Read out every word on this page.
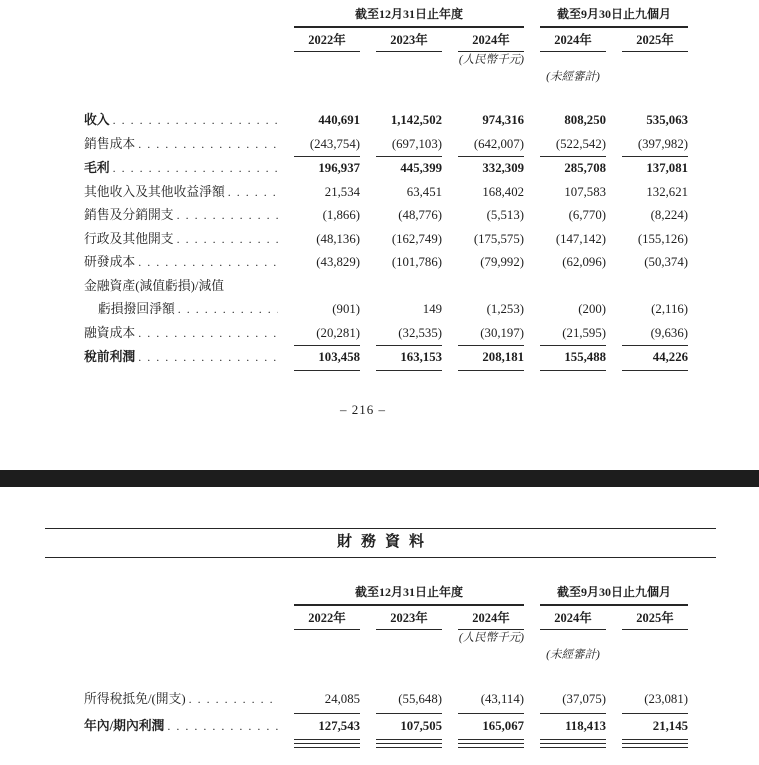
截至12月31日止年度	截至9月30日止九個月
2022年	2023年	2024年	2024年	2025年
(人民幣千元)
(未經審計)
收入 . . .	440,691	1,142,502	974,316	808,250	535,063
銷售成本 . . .	(243,754)	(697,103)	(642,007)	(522,542)	(397,982)
毛利 . . .	196,937	445,399	332,309	285,708	137,081
其他收入及其他收益淨額 . . .	21,534	63,451	168,402	107,583	132,621
銷售及分銷開支 . . .	(1,866)	(48,776)	(5,513)	(6,770)	(8,224)
行政及其他開支 . . .	(48,136)	(162,749)	(175,575)	(147,142)	(155,126)
研發成本 . . .	(43,829)	(101,786)	(79,992)	(62,096)	(50,374)
金融資產(減值虧損)/減值
虧損撥回淨額 . . .	(901)	149	(1,253)	(200)	(2,116)
融資成本 . . .	(20,281)	(32,535)	(30,197)	(21,595)	(9,636)
稅前利潤 . . .	103,458	163,153	208,181	155,488	44,226
– 216 –
財務資料
截至12月31日止年度	截至9月30日止九個月
2022年	2023年	2024年	2024年	2025年
(人民幣千元)
(未經審計)
所得稅抵免/(開支) . . .	24,085	(55,648)	(43,114)	(37,075)	(23,081)
年內/期內利潤 . . .	127,543	107,505	165,067	118,413	21,145
